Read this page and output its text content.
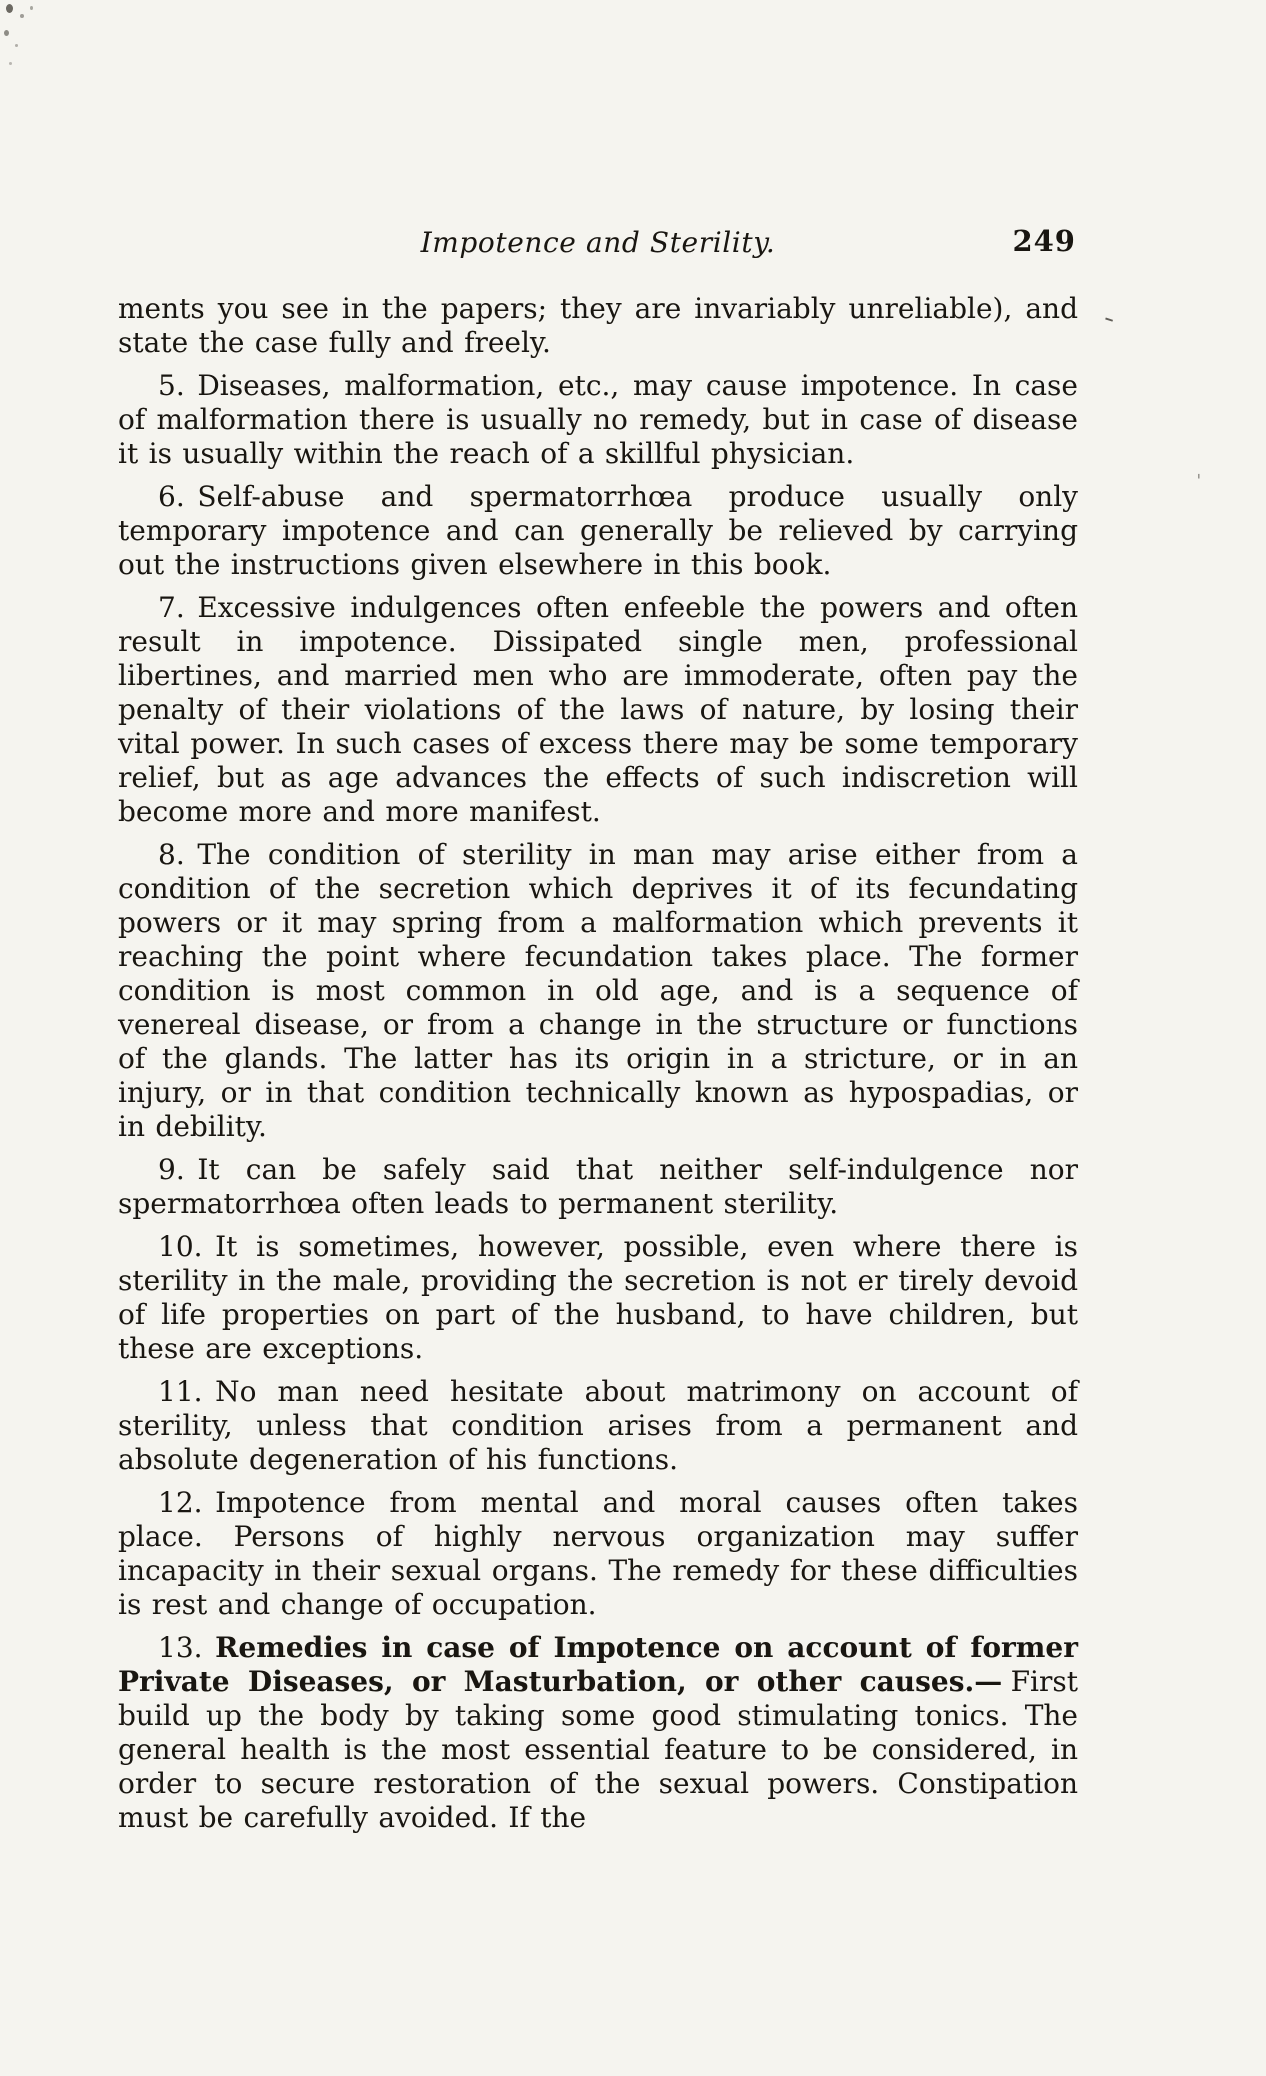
ˍ
ˈ
Impotence and Sterility.	249

ments you see in the papers; they are invariably unreliable), and state the case fully and freely.

5. Diseases, malformation, etc., may cause impotence. In case of malformation there is usually no remedy, but in case of disease it is usually within the reach of a skillful physician.

6. Self-abuse and spermatorrhœa produce usually only temporary impotence and can generally be relieved by carrying out the instructions given elsewhere in this book.

7. Excessive indulgences often enfeeble the powers and often result in impotence. Dissipated single men, professional libertines, and married men who are immoderate, often pay the penalty of their violations of the laws of nature, by losing their vital power. In such cases of excess there may be some temporary relief, but as age advances the effects of such indiscretion will become more and more manifest.

8. The condition of sterility in man may arise either from a condition of the secretion which deprives it of its fecundating powers or it may spring from a malformation which prevents it reaching the point where fecundation takes place. The former condition is most common in old age, and is a sequence of venereal disease, or from a change in the structure or functions of the glands. The latter has its origin in a stricture, or in an injury, or in that condition technically known as hypospadias, or in debility.

9. It can be safely said that neither self-indulgence nor spermatorrhœa often leads to permanent sterility.

10. It is sometimes, however, possible, even where there is sterility in the male, providing the secretion is not er tirely devoid of life properties on part of the husband, to have children, but these are exceptions.

11. No man need hesitate about matrimony on account of sterility, unless that condition arises from a permanent and absolute degeneration of his functions.

12. Impotence from mental and moral causes often takes place. Persons of highly nervous organization may suffer incapacity in their sexual organs. The remedy for these difficulties is rest and change of occupation.

13. Remedies in case of Impotence on account of former Private Diseases, or Masturbation, or other causes.— First build up the body by taking some good stimulating tonics. The general health is the most essential feature to be considered, in order to secure restoration of the sexual powers. Constipation must be carefully avoided. If the
